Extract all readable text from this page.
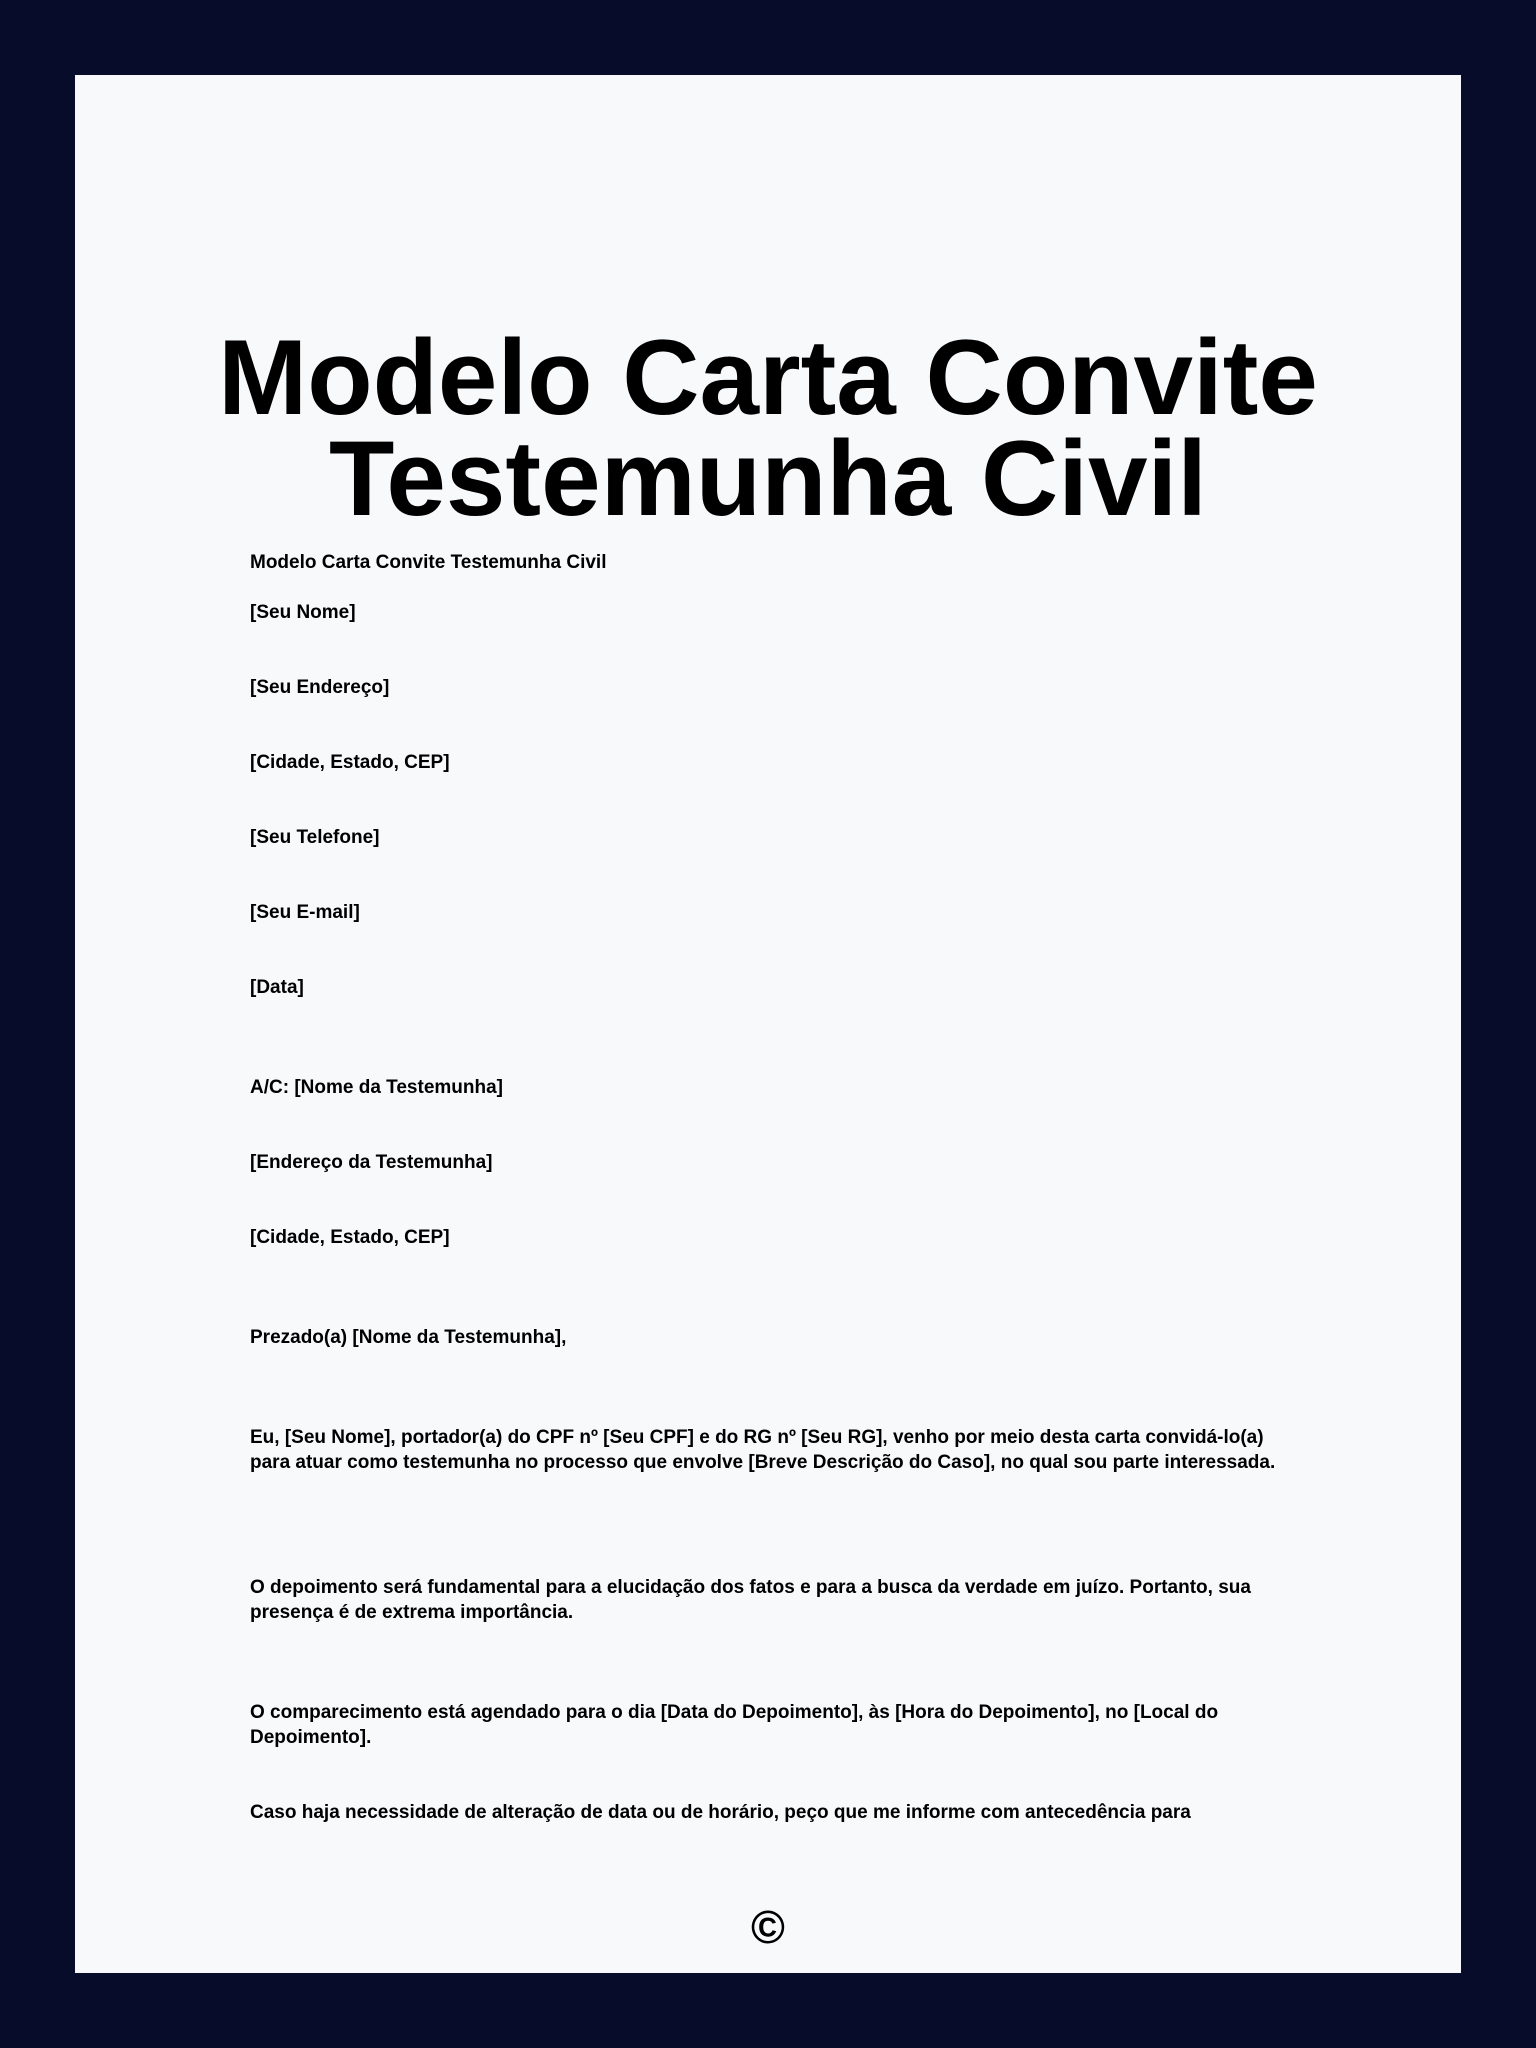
Modelo Carta Convite
Testemunha Civil

Modelo Carta Convite Testemunha Civil

[Seu Nome]

[Seu Endereço]

[Cidade, Estado, CEP]

[Seu Telefone]

[Seu E-mail]

[Data]

A/C: [Nome da Testemunha]

[Endereço da Testemunha]

[Cidade, Estado, CEP]

Prezado(a) [Nome da Testemunha],

Eu, [Seu Nome], portador(a) do CPF nº [Seu CPF] e do RG nº [Seu RG], venho por meio desta carta convidá-lo(a) para atuar como testemunha no processo que envolve [Breve Descrição do Caso], no qual sou parte interessada.

O depoimento será fundamental para a elucidação dos fatos e para a busca da verdade em juízo. Portanto, sua presença é de extrema importância.

O comparecimento está agendado para o dia [Data do Depoimento], às [Hora do Depoimento], no [Local do Depoimento].

Caso haja necessidade de alteração de data ou de horário, peço que me informe com antecedência para

©
